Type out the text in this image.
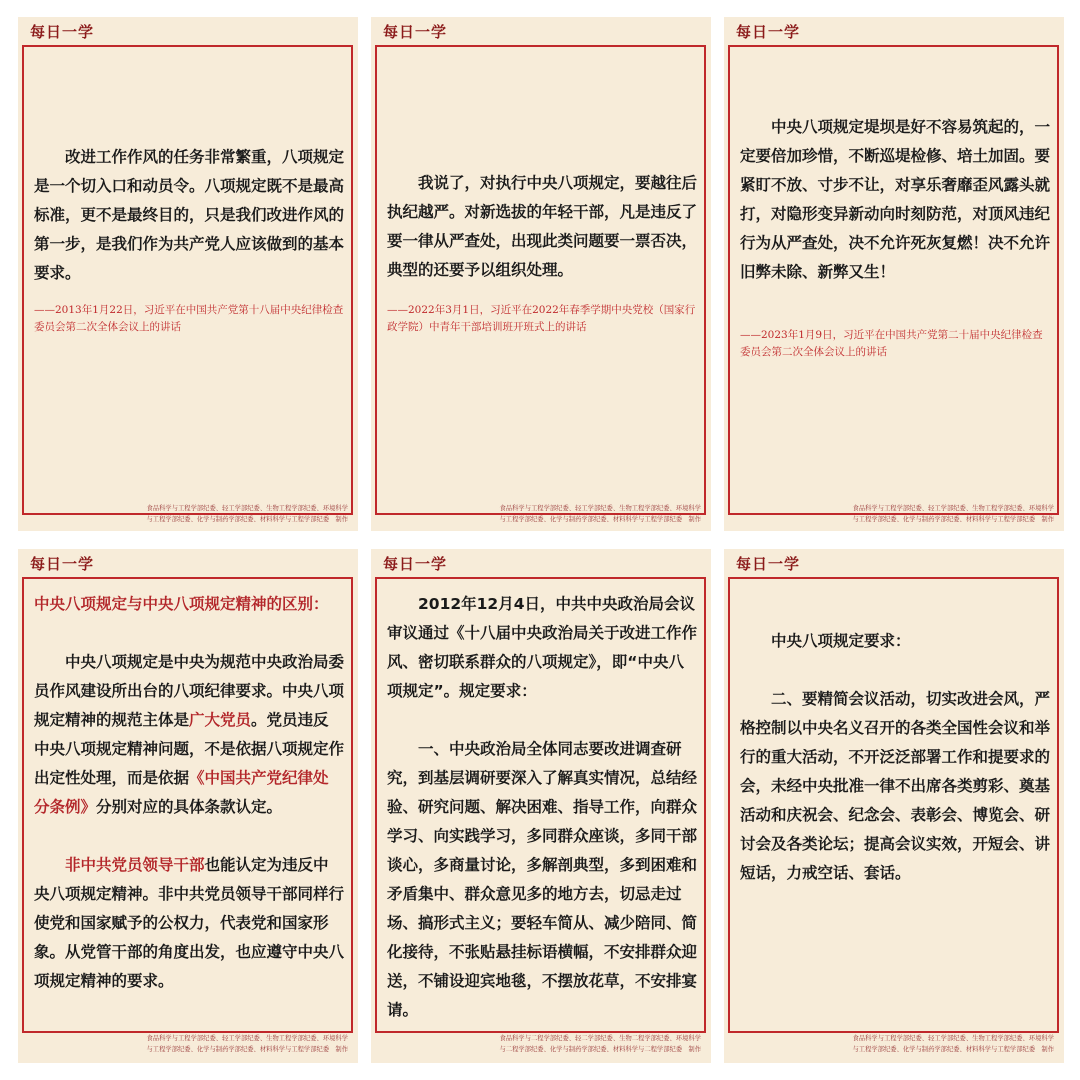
每日一学

改进工作作风的任务非常繁重，八项规定是一个切入口和动员令。八项规定既不是最高标准，更不是最终目的，只是我们改进作风的第一步，是我们作为共产党人应该做到的基本要求。

——2013年1月22日，习近平在中国共产党第十八届中央纪律检查委员会第二次全体会议上的讲话
食品科学与工程学部纪委、轻工学部纪委、生物工程学部纪委、环境科学
与工程学部纪委、化学与制药学部纪委、材料科学与工程学部纪委　制作
每日一学

我说了，对执行中央八项规定，要越往后执纪越严。对新选拔的年轻干部，凡是违反了要一律从严查处，出现此类问题要一票否决，典型的还要予以组织处理。

——2022年3月1日，习近平在2022年春季学期中央党校（国家行政学院）中青年干部培训班开班式上的讲话
食品科学与工程学部纪委、轻工学部纪委、生物工程学部纪委、环境科学
与工程学部纪委、化学与制药学部纪委、材料科学与工程学部纪委　制作
每日一学

中央八项规定堤坝是好不容易筑起的，一定要倍加珍惜，不断巡堤检修、培土加固。要紧盯不放、寸步不让，对享乐奢靡歪风露头就打，对隐形变异新动向时刻防范，对顶风违纪行为从严查处，决不允许死灰复燃！决不允许旧弊未除、新弊又生！

——2023年1月9日，习近平在中国共产党第二十届中央纪律检查委员会第二次全体会议上的讲话
食品科学与工程学部纪委、轻工学部纪委、生物工程学部纪委、环境科学
与工程学部纪委、化学与制药学部纪委、材料科学与工程学部纪委　制作
每日一学

中央八项规定与中央八项规定精神的区别：

中央八项规定是中央为规范中央政治局委员作风建设所出台的八项纪律要求。中央八项规定精神的规范主体是广大党员。党员违反中央八项规定精神问题，不是依据八项规定作出定性处理，而是依据《中国共产党纪律处分条例》分别对应的具体条款认定。

非中共党员领导干部也能认定为违反中央八项规定精神。非中共党员领导干部同样行使党和国家赋予的公权力，代表党和国家形象。从党管干部的角度出发，也应遵守中央八项规定精神的要求。

食品科学与工程学部纪委、轻工学部纪委、生物工程学部纪委、环境科学
与工程学部纪委、化学与制药学部纪委、材料科学与工程学部纪委　制作
每日一学

2012年12月4日，中共中央政治局会议审议通过《十八届中央政治局关于改进工作作风、密切联系群众的八项规定》，即“中央八项规定”。规定要求：

一、中央政治局全体同志要改进调查研究，到基层调研要深入了解真实情况，总结经验、研究问题、解决困难、指导工作，向群众学习、向实践学习，多同群众座谈，多同干部谈心，多商量讨论，多解剖典型，多到困难和矛盾集中、群众意见多的地方去，切忌走过场、搞形式主义；要轻车简从、减少陪同、简化接待，不张贴悬挂标语横幅，不安排群众迎送，不铺设迎宾地毯，不摆放花草，不安排宴请。

食品科学与二程学部纪委、轻二学部纪委、生物二程学部纪委、环境科学
与二程学部纪委、化学与制药学部纪委、材料科学与二程学部纪委　制作
每日一学

中央八项规定要求：

二、要精简会议活动，切实改进会风，严格控制以中央名义召开的各类全国性会议和举行的重大活动，不开泛泛部署工作和提要求的会，未经中央批准一律不出席各类剪彩、奠基活动和庆祝会、纪念会、表彰会、博览会、研讨会及各类论坛；提高会议实效，开短会、讲短话，力戒空话、套话。

食品科学与工程学部纪委、轻工学部纪委、生物工程学部纪委、环境科学
与工程学部纪委、化学与制药学部纪委、材料科学与工程学部纪委　制作
